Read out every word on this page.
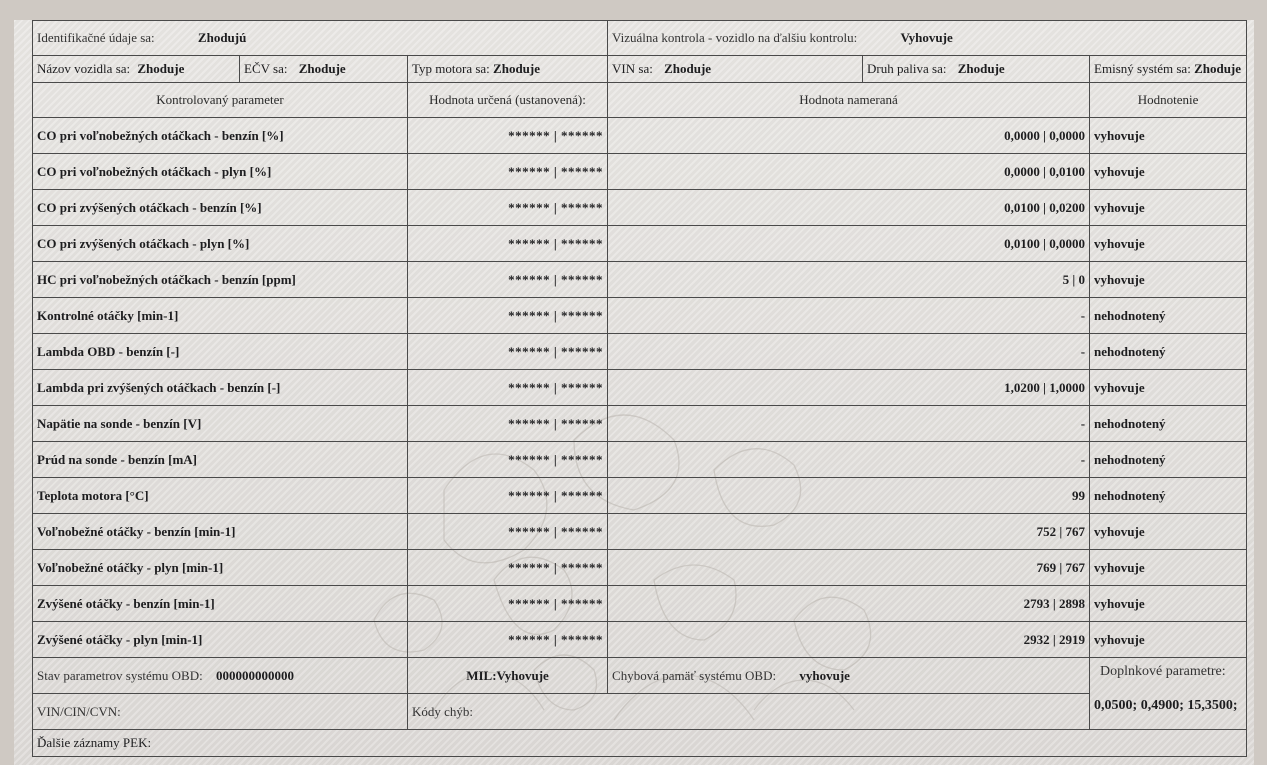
Identifikačné údaje sa: Zhodujú			Vizuálna kontrola - vozidlo na ďalšiu kontrolu: Vyhovuje		
Názov vozidla sa: Zhoduje	EČV sa: Zhoduje	Typ motora sa: Zhoduje	VIN sa: Zhoduje	Druh paliva sa: Zhoduje	Emisný systém sa: Zhoduje
Kontrolovaný parameter		Hodnota určená (ustanovená):	Hodnota nameraná		Hodnotenie
CO pri voľnobežných otáčkach - benzín [%]		****** | ******	0,0000 | 0,0000		vyhovuje
CO pri voľnobežných otáčkach - plyn [%]		****** | ******	0,0000 | 0,0100		vyhovuje
CO pri zvýšených otáčkach - benzín [%]		****** | ******	0,0100 | 0,0200		vyhovuje
CO pri zvýšených otáčkach - plyn [%]		****** | ******	0,0100 | 0,0000		vyhovuje
HC pri voľnobežných otáčkach - benzín [ppm]		****** | ******	5 | 0		vyhovuje
Kontrolné otáčky [min-1]		****** | ******	-		nehodnotený
Lambda OBD - benzín [-]		****** | ******	-		nehodnotený
Lambda pri zvýšených otáčkach - benzín [-]		****** | ******	1,0200 | 1,0000		vyhovuje
Napätie na sonde - benzín [V]		****** | ******	-		nehodnotený
Prúd na sonde - benzín [mA]		****** | ******	-		nehodnotený
Teplota motora [°C]		****** | ******	99		nehodnotený
Voľnobežné otáčky - benzín [min-1]		****** | ******	752 | 767		vyhovuje
Voľnobežné otáčky - plyn [min-1]		****** | ******	769 | 767		vyhovuje
Zvýšené otáčky - benzín [min-1]		****** | ******	2793 | 2898		vyhovuje
Zvýšené otáčky - plyn [min-1]		****** | ******	2932 | 2919		vyhovuje
Stav parametrov systému OBD: 000000000000		MIL:Vyhovuje	Chybová pamäť systému OBD: vyhovuje		Doplnkové parametre:
0,0500; 0,4900; 15,3500;

VIN/CIN/CVN:		Kódy chýb:			
Ďalšie záznamy PEK:					
